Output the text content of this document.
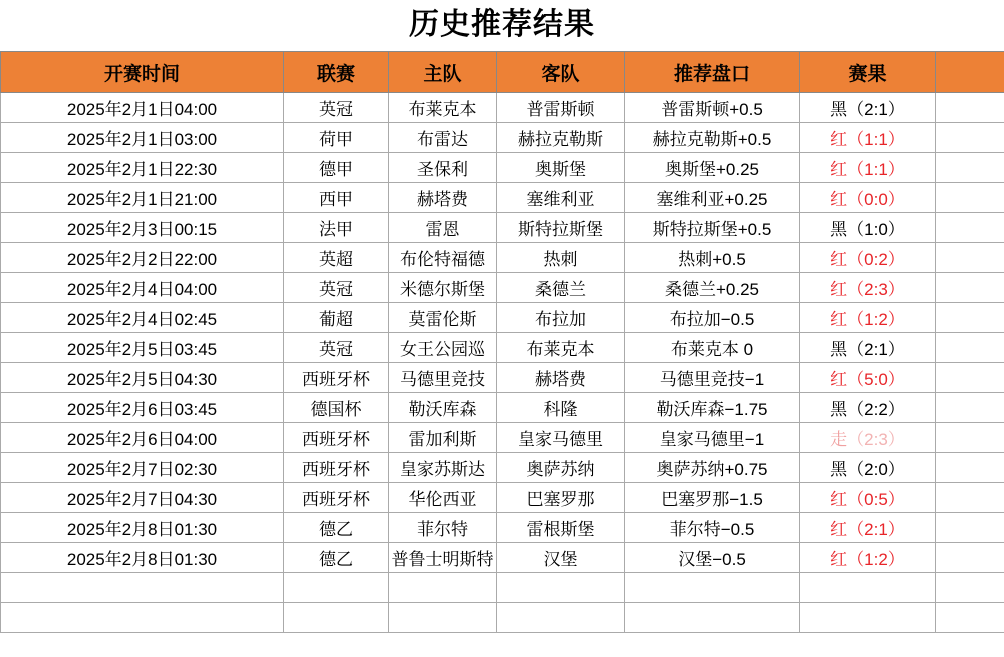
历史推荐结果
开赛时间	联赛	主队	客队	推荐盘口	赛果	
2025年2月1日04:00	英冠	布莱克本	普雷斯顿	普雷斯顿+0.5	黑（2:1）	
2025年2月1日03:00	荷甲	布雷达	赫拉克勒斯	赫拉克勒斯+0.5	红（1:1）	
2025年2月1日22:30	德甲	圣保利	奥斯堡	奥斯堡+0.25	红（1:1）	
2025年2月1日21:00	西甲	赫塔费	塞维利亚	塞维利亚+0.25	红（0:0）	
2025年2月3日00:15	法甲	雷恩	斯特拉斯堡	斯特拉斯堡+0.5	黑（1:0）	
2025年2月2日22:00	英超	布伦特福德	热刺	热刺+0.5	红（0:2）	
2025年2月4日04:00	英冠	米德尔斯堡	桑德兰	桑德兰+0.25	红（2:3）	
2025年2月4日02:45	葡超	莫雷伦斯	布拉加	布拉加−0.5	红（1:2）	
2025年2月5日03:45	英冠	女王公园巡	布莱克本	布莱克本 0	黑（2:1）	
2025年2月5日04:30	西班牙杯	马德里竞技	赫塔费	马德里竞技−1	红（5:0）	
2025年2月6日03:45	德国杯	勒沃库森	科隆	勒沃库森−1.75	黑（2:2）	
2025年2月6日04:00	西班牙杯	雷加利斯	皇家马德里	皇家马德里−1	走（2:3）	
2025年2月7日02:30	西班牙杯	皇家苏斯达	奥萨苏纳	奥萨苏纳+0.75	黑（2:0）	
2025年2月7日04:30	西班牙杯	华伦西亚	巴塞罗那	巴塞罗那−1.5	红（0:5）	
2025年2月8日01:30	德乙	菲尔特	雷根斯堡	菲尔特−0.5	红（2:1）	
2025年2月8日01:30	德乙	普鲁士明斯特	汉堡	汉堡−0.5	红（1:2）	
